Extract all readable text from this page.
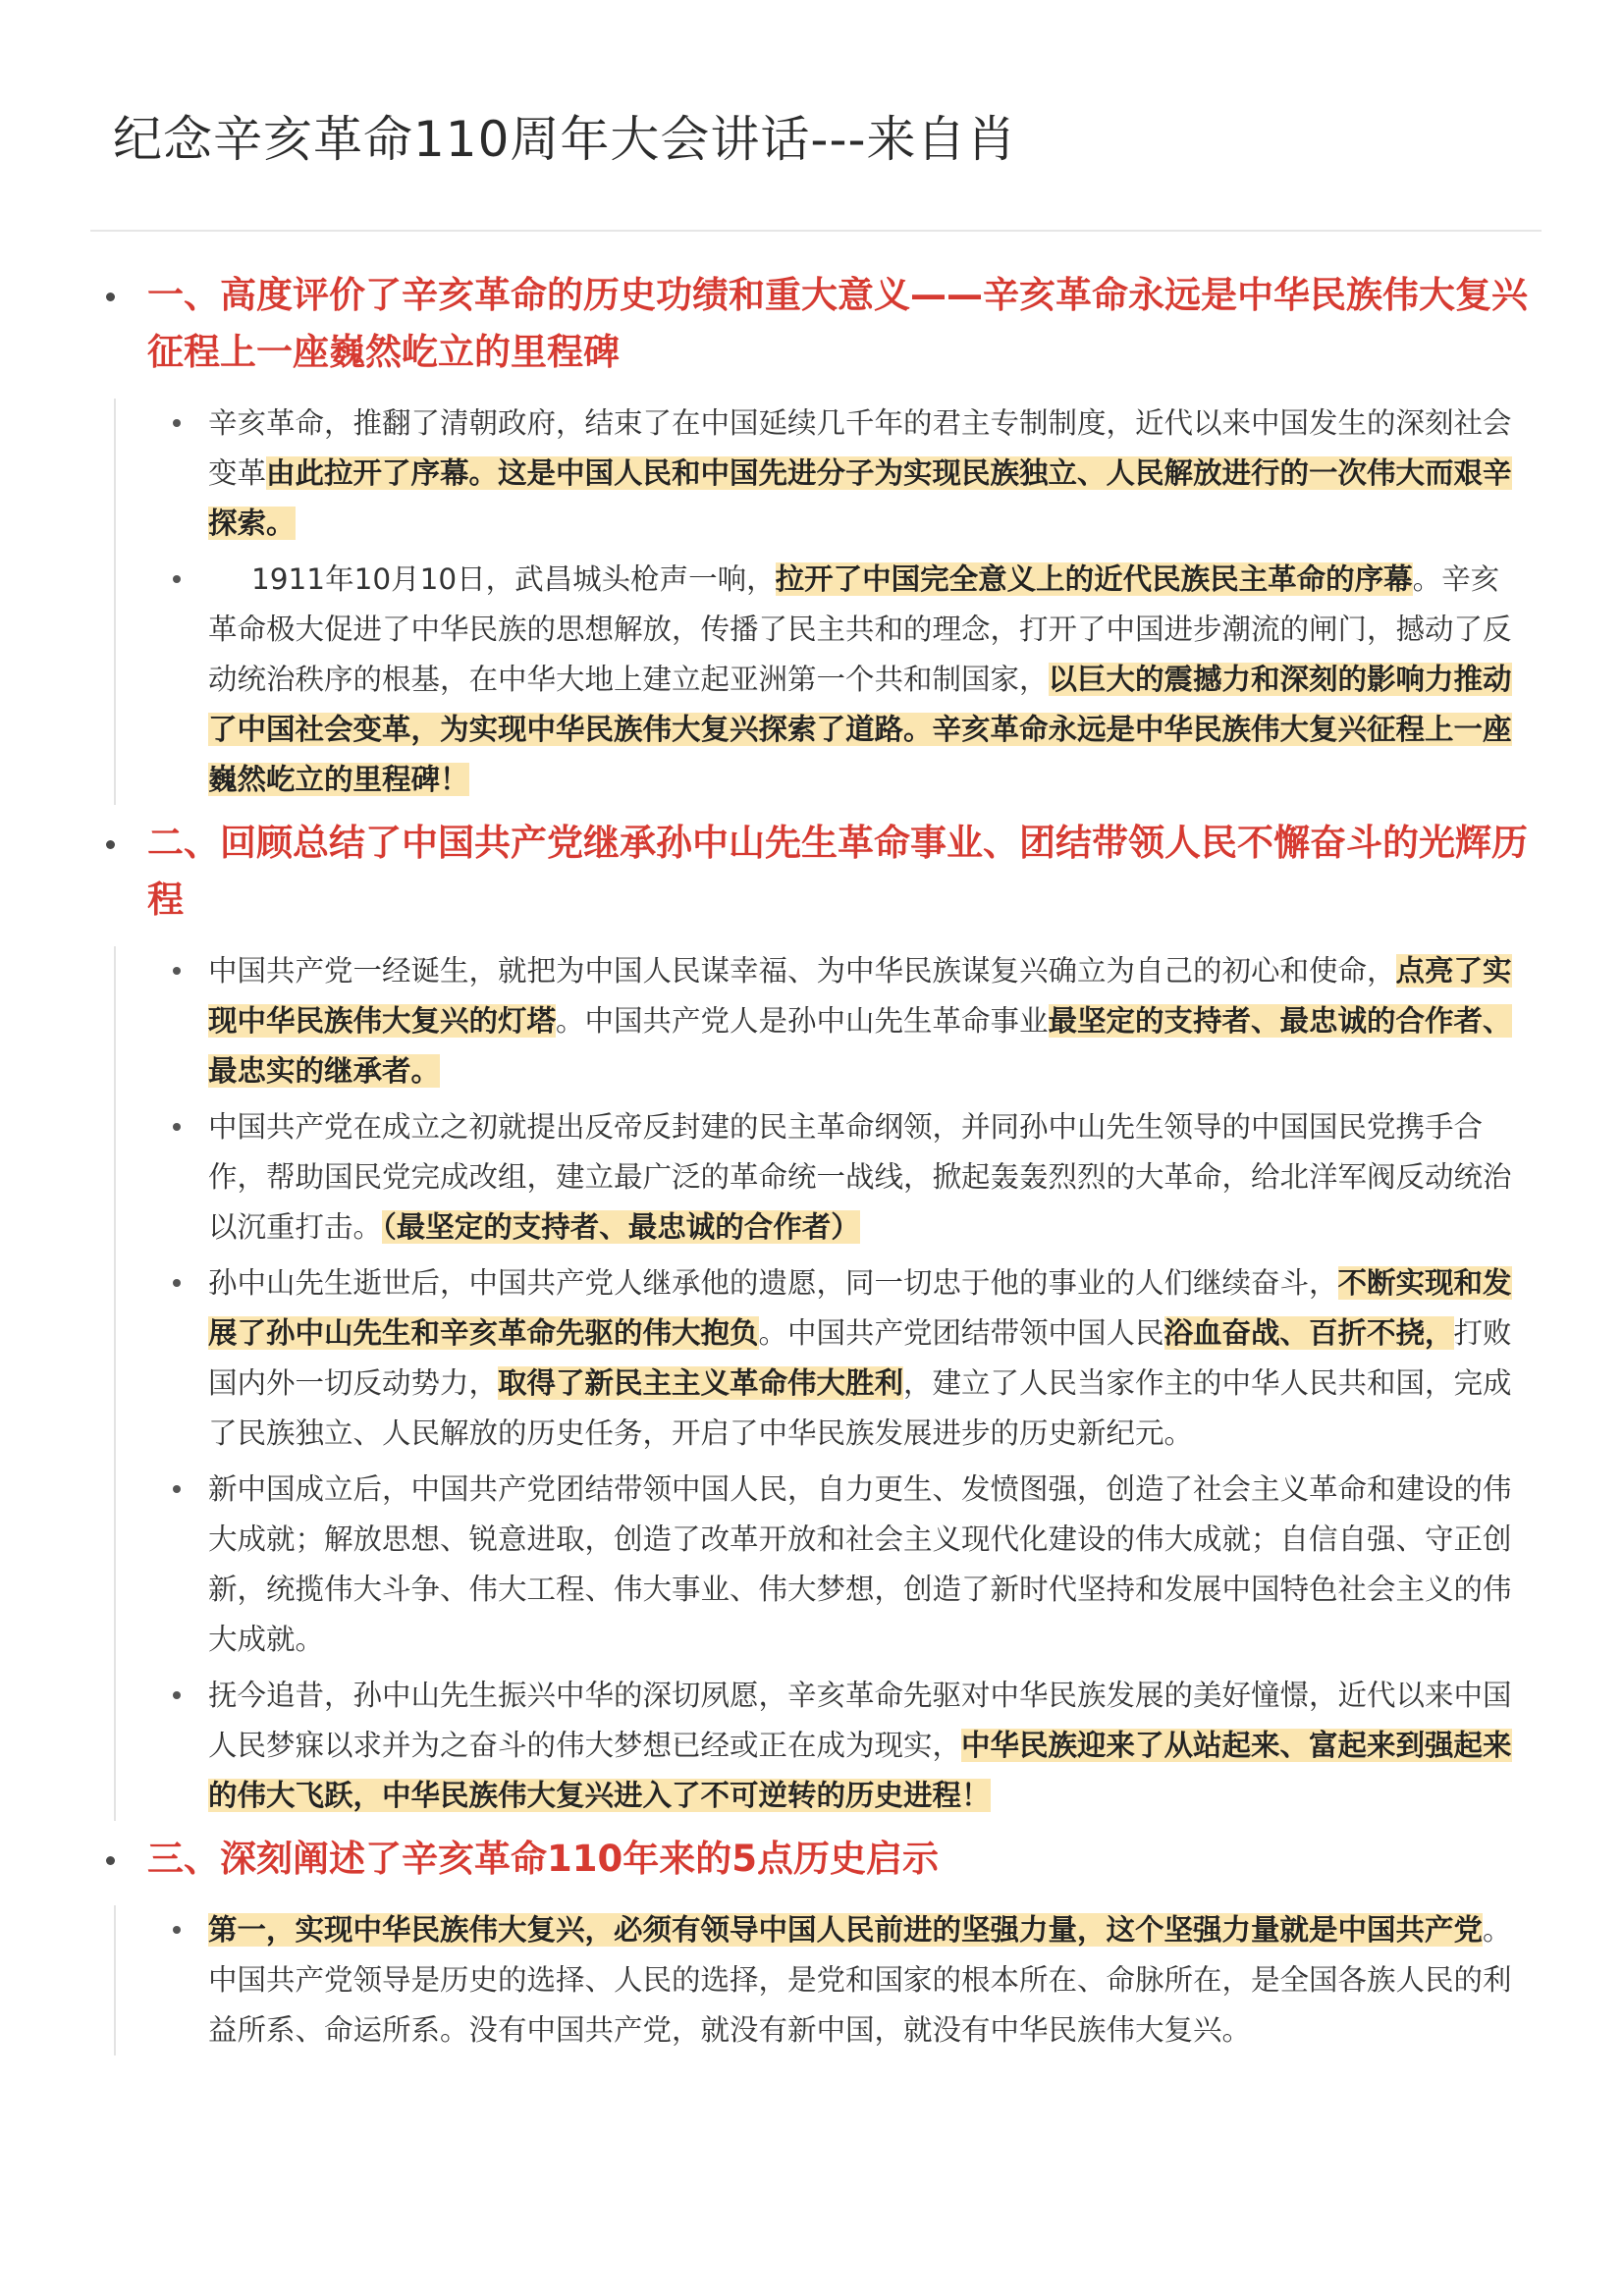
纪念辛亥革命110周年大会讲话---来自肖
一、高度评价了辛亥革命的历史功绩和重大意义——辛亥革命永远是中华民族伟大复兴征程上一座巍然屹立的里程碑
辛亥革命，推翻了清朝政府，结束了在中国延续几千年的君主专制制度，近代以来中国发生的深刻社会变革由此拉开了序幕。这是中国人民和中国先进分子为实现民族独立、人民解放进行的一次伟大而艰辛探索。
1911年10月10日，武昌城头枪声一响，拉开了中国完全意义上的近代民族民主革命的序幕。辛亥革命极大促进了中华民族的思想解放，传播了民主共和的理念，打开了中国进步潮流的闸门，撼动了反动统治秩序的根基，在中华大地上建立起亚洲第一个共和制国家，以巨大的震撼力和深刻的影响力推动了中国社会变革，为实现中华民族伟大复兴探索了道路。辛亥革命永远是中华民族伟大复兴征程上一座巍然屹立的里程碑！
二、回顾总结了中国共产党继承孙中山先生革命事业、团结带领人民不懈奋斗的光辉历程
中国共产党一经诞生，就把为中国人民谋幸福、为中华民族谋复兴确立为自己的初心和使命，点亮了实现中华民族伟大复兴的灯塔。中国共产党人是孙中山先生革命事业最坚定的支持者、最忠诚的合作者、最忠实的继承者。
中国共产党在成立之初就提出反帝反封建的民主革命纲领，并同孙中山先生领导的中国国民党携手合作，帮助国民党完成改组，建立最广泛的革命统一战线，掀起轰轰烈烈的大革命，给北洋军阀反动统治以沉重打击。（最坚定的支持者、最忠诚的合作者）
孙中山先生逝世后，中国共产党人继承他的遗愿，同一切忠于他的事业的人们继续奋斗，不断实现和发展了孙中山先生和辛亥革命先驱的伟大抱负。中国共产党团结带领中国人民浴血奋战、百折不挠，打败国内外一切反动势力，取得了新民主主义革命伟大胜利，建立了人民当家作主的中华人民共和国，完成了民族独立、人民解放的历史任务，开启了中华民族发展进步的历史新纪元。
新中国成立后，中国共产党团结带领中国人民，自力更生、发愤图强，创造了社会主义革命和建设的伟大成就；解放思想、锐意进取，创造了改革开放和社会主义现代化建设的伟大成就；自信自强、守正创新，统揽伟大斗争、伟大工程、伟大事业、伟大梦想，创造了新时代坚持和发展中国特色社会主义的伟大成就。
抚今追昔，孙中山先生振兴中华的深切夙愿，辛亥革命先驱对中华民族发展的美好憧憬，近代以来中国人民梦寐以求并为之奋斗的伟大梦想已经或正在成为现实，中华民族迎来了从站起来、富起来到强起来的伟大飞跃，中华民族伟大复兴进入了不可逆转的历史进程！
三、深刻阐述了辛亥革命110年来的5点历史启示
第一，实现中华民族伟大复兴，必须有领导中国人民前进的坚强力量，这个坚强力量就是中国共产党。中国共产党领导是历史的选择、人民的选择，是党和国家的根本所在、命脉所在，是全国各族人民的利益所系、命运所系。没有中国共产党，就没有新中国，就没有中华民族伟大复兴。
